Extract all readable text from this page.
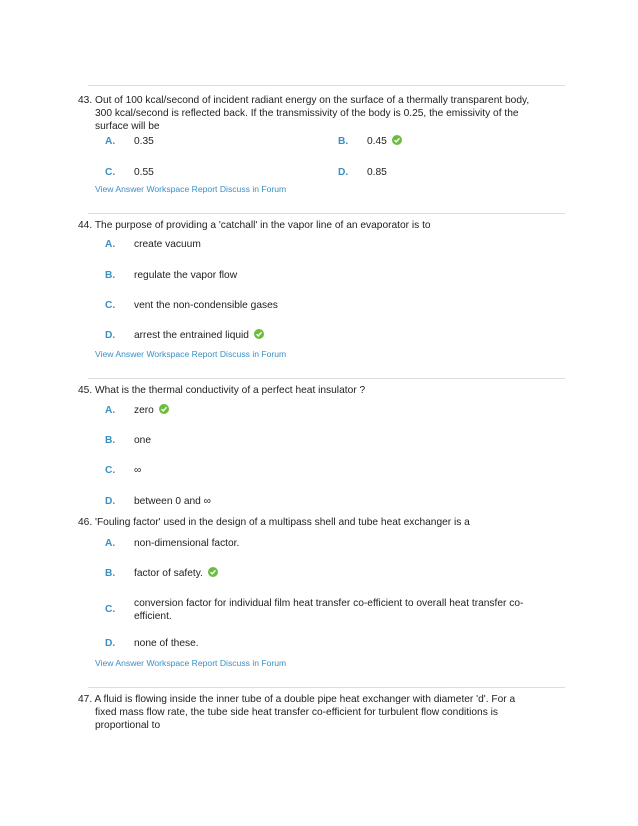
43. Out of 100 kcal/second of incident radiant energy on the surface of a thermally transparent body,
300 kcal/second is reflected back. If the transmissivity of the body is 0.25, the emissivity of the
surface will be
A. 0.35	B. 0.45
C. 0.55	D. 0.85
View Answer Workspace Report Discuss in Forum
44. The purpose of providing a 'catchall' in the vapor line of an evaporator is to
A. create vacuum
B. regulate the vapor flow
C. vent the non-condensible gases
D. arrest the entrained liquid
View Answer Workspace Report Discuss in Forum
45. What is the thermal conductivity of a perfect heat insulator ?
A. zero
B. one
C. ∞
D. between 0 and ∞
46. 'Fouling factor' used in the design of a multipass shell and tube heat exchanger is a
A. non-dimensional factor.
B. factor of safety.
C.
conversion factor for individual film heat transfer co-efficient to overall heat transfer co-efficient.
D. none of these.
View Answer Workspace Report Discuss in Forum
47. A fluid is flowing inside the inner tube of a double pipe heat exchanger with diameter 'd'. For a
fixed mass flow rate, the tube side heat transfer co-efficient for turbulent flow conditions is
proportional to
